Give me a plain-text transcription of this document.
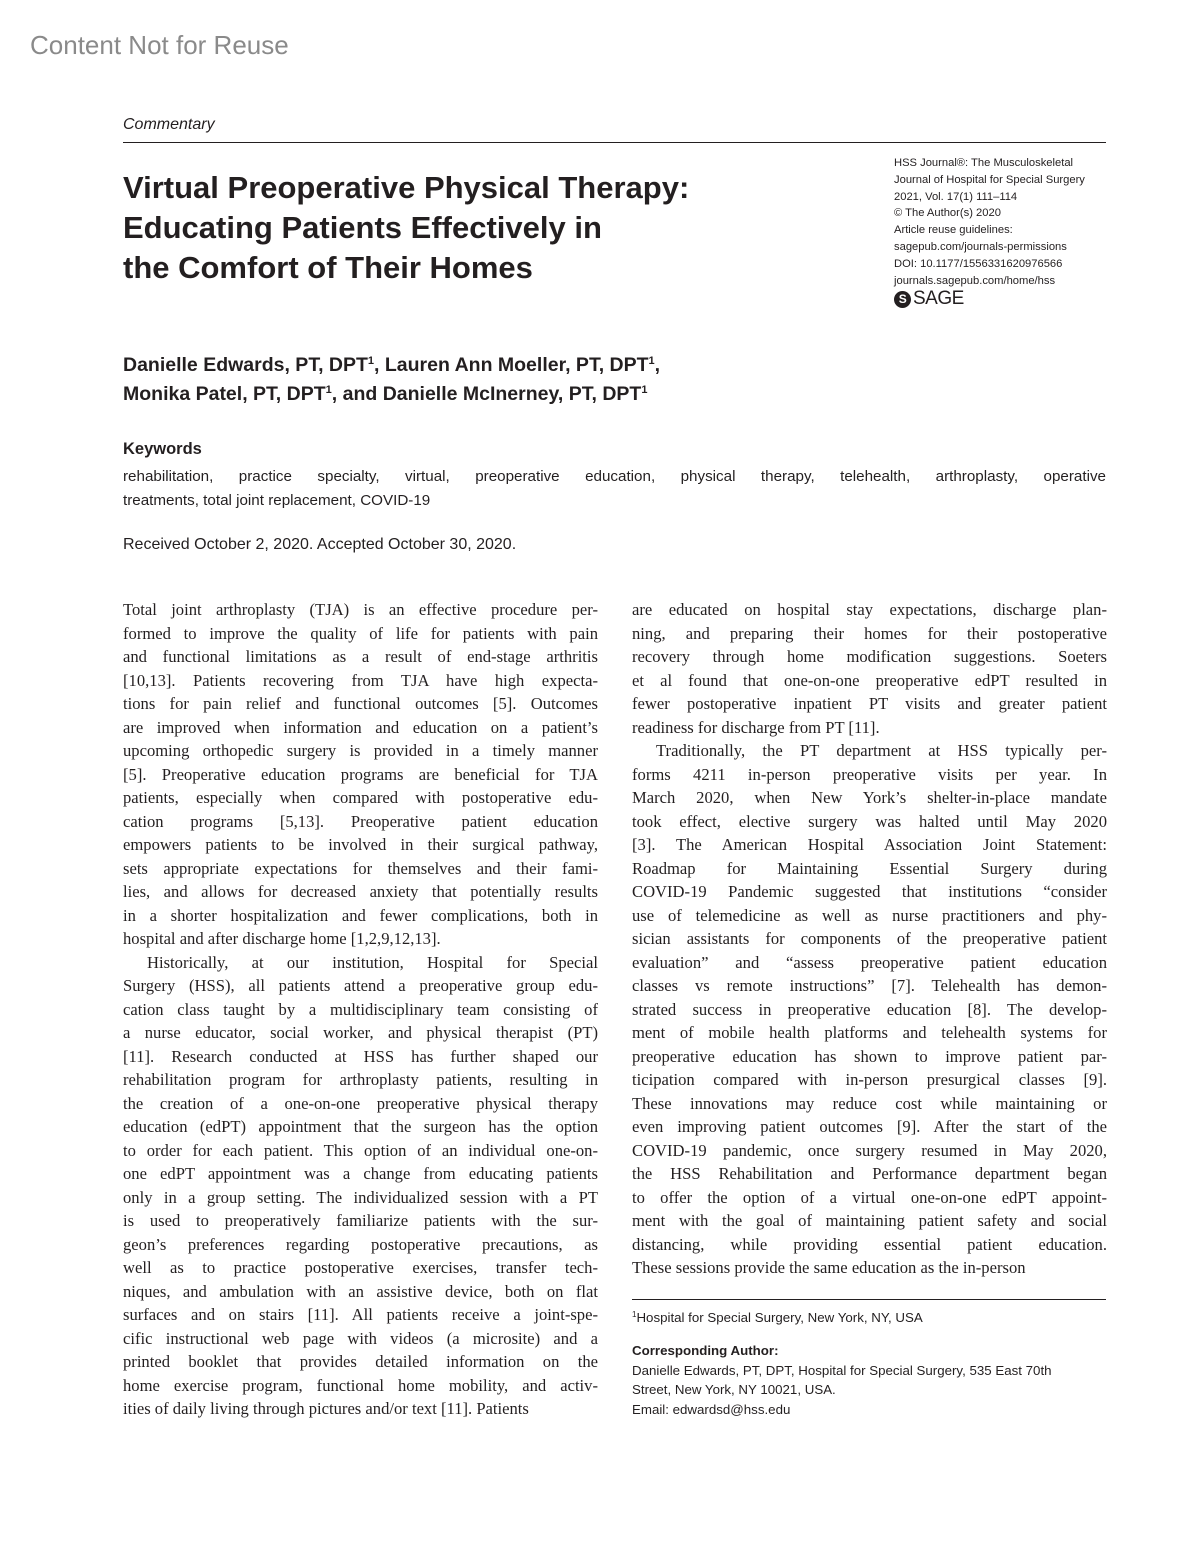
Content Not for Reuse
Commentary
Virtual Preoperative Physical Therapy:
Educating Patients Effectively in
the Comfort of Their Homes
HSS Journal®: The Musculoskeletal
Journal of Hospital for Special Surgery
2021, Vol. 17(1) 111–114
© The Author(s) 2020
Article reuse guidelines:
sagepub.com/journals-permissions
DOI: 10.1177/1556331620976566
journals.sagepub.com/home/hss
S SAGE
Danielle Edwards, PT, DPT$^1$, Lauren Ann Moeller, PT, DPT$^1$,
Monika Patel, PT, DPT$^1$, and Danielle McInerney, PT, DPT$^1$
Keywords
rehabilitation, practice specialty, virtual, preoperative education, physical therapy, telehealth, arthroplasty, operative
treatments, total joint replacement, COVID-19
Received October 2, 2020. Accepted October 30, 2020.
Total joint arthroplasty (TJA) is an effective procedure per-
formed to improve the quality of life for patients with pain
and functional limitations as a result of end-stage arthritis
[10,13]. Patients recovering from TJA have high expecta-
tions for pain relief and functional outcomes [5]. Outcomes
are improved when information and education on a patient’s
upcoming orthopedic surgery is provided in a timely manner
[5]. Preoperative education programs are beneficial for TJA
patients, especially when compared with postoperative edu-
cation programs [5,13]. Preoperative patient education
empowers patients to be involved in their surgical pathway,
sets appropriate expectations for themselves and their fami-
lies, and allows for decreased anxiety that potentially results
in a shorter hospitalization and fewer complications, both in
hospital and after discharge home [1,2,9,12,13].
Historically, at our institution, Hospital for Special
Surgery (HSS), all patients attend a preoperative group edu-
cation class taught by a multidisciplinary team consisting of
a nurse educator, social worker, and physical therapist (PT)
[11]. Research conducted at HSS has further shaped our
rehabilitation program for arthroplasty patients, resulting in
the creation of a one-on-one preoperative physical therapy
education (edPT) appointment that the surgeon has the option
to order for each patient. This option of an individual one-on-
one edPT appointment was a change from educating patients
only in a group setting. The individualized session with a PT
is used to preoperatively familiarize patients with the sur-
geon’s preferences regarding postoperative precautions, as
well as to practice postoperative exercises, transfer tech-
niques, and ambulation with an assistive device, both on flat
surfaces and on stairs [11]. All patients receive a joint-spe-
cific instructional web page with videos (a microsite) and a
printed booklet that provides detailed information on the
home exercise program, functional home mobility, and activ-
ities of daily living through pictures and/or text [11]. Patients
are educated on hospital stay expectations, discharge plan-
ning, and preparing their homes for their postoperative
recovery through home modification suggestions. Soeters
et al found that one-on-one preoperative edPT resulted in
fewer postoperative inpatient PT visits and greater patient
readiness for discharge from PT [11].
Traditionally, the PT department at HSS typically per-
forms 4211 in-person preoperative visits per year. In
March 2020, when New York’s shelter-in-place mandate
took effect, elective surgery was halted until May 2020
[3]. The American Hospital Association Joint Statement:
Roadmap for Maintaining Essential Surgery during
COVID-19 Pandemic suggested that institutions “consider
use of telemedicine as well as nurse practitioners and phy-
sician assistants for components of the preoperative patient
evaluation” and “assess preoperative patient education
classes vs remote instructions” [7]. Telehealth has demon-
strated success in preoperative education [8]. The develop-
ment of mobile health platforms and telehealth systems for
preoperative education has shown to improve patient par-
ticipation compared with in-person presurgical classes [9].
These innovations may reduce cost while maintaining or
even improving patient outcomes [9]. After the start of the
COVID-19 pandemic, once surgery resumed in May 2020,
the HSS Rehabilitation and Performance department began
to offer the option of a virtual one-on-one edPT appoint-
ment with the goal of maintaining patient safety and social
distancing, while providing essential patient education.
These sessions provide the same education as the in-person
$^1$Hospital for Special Surgery, New York, NY, USA
Corresponding Author:
Danielle Edwards, PT, DPT, Hospital for Special Surgery, 535 East 70th
Street, New York, NY 10021, USA.
Email: edwardsd@hss.edu
